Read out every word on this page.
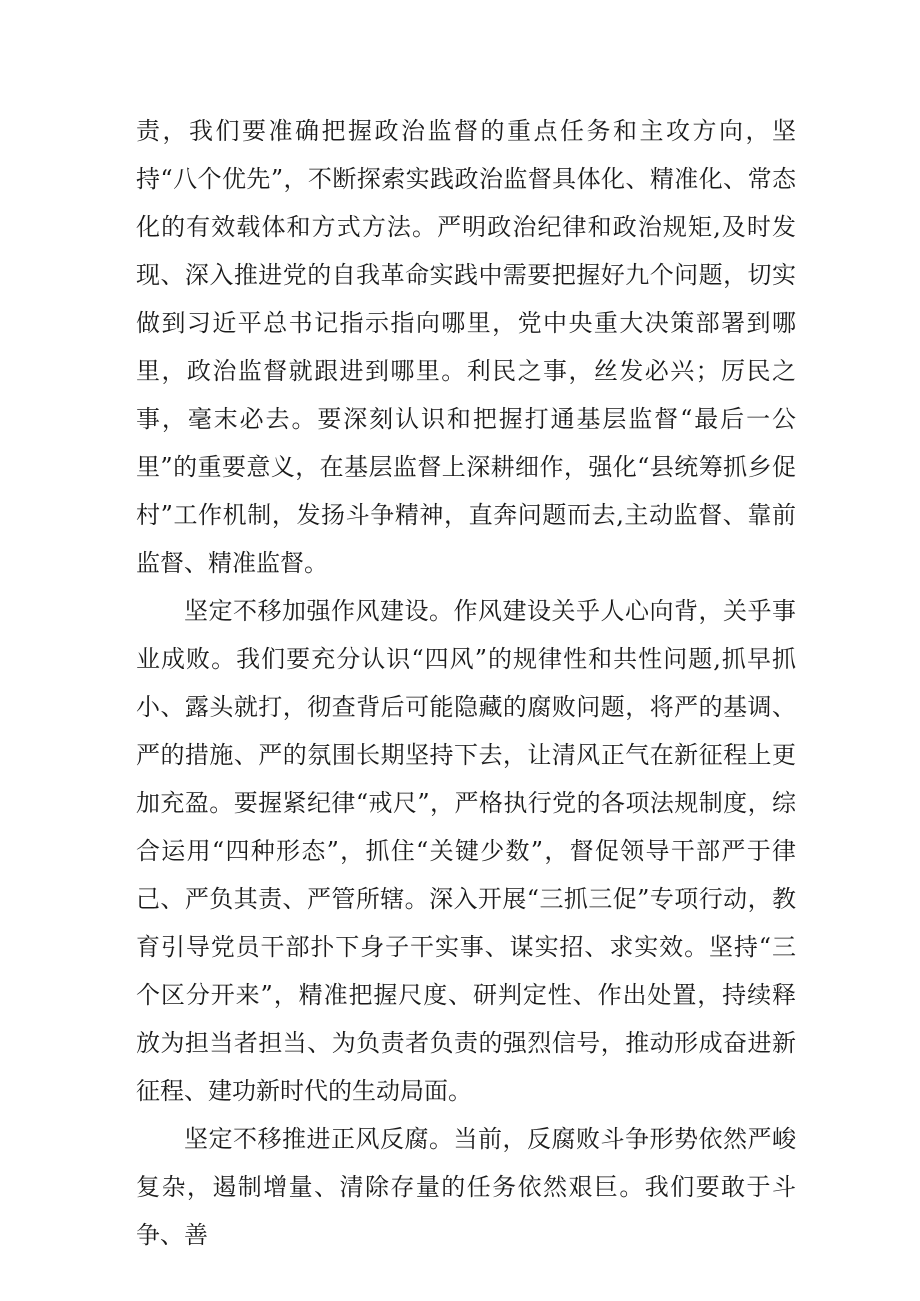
责，我们要准确把握政治监督的重点任务和主攻方向，坚持“八个优先”，不断探索实践政治监督具体化、精准化、常态化的有效载体和方式方法。严明政治纪律和政治规矩,及时发现、深入推进党的自我革命实践中需要把握好九个问题，切实做到习近平总书记指示指向哪里，党中央重大决策部署到哪里，政治监督就跟进到哪里。利民之事，丝发必兴；厉民之事，毫末必去。要深刻认识和把握打通基层监督“最后一公里”的重要意义，在基层监督上深耕细作，强化“县统筹抓乡促村”工作机制，发扬斗争精神，直奔问题而去,主动监督、靠前监督、精准监督。

坚定不移加强作风建设。作风建设关乎人心向背，关乎事业成败。我们要充分认识“四风”的规律性和共性问题,抓早抓小、露头就打，彻查背后可能隐藏的腐败问题，将严的基调、严的措施、严的氛围长期坚持下去，让清风正气在新征程上更加充盈。要握紧纪律“戒尺”，严格执行党的各项法规制度，综合运用“四种形态”，抓住“关键少数”，督促领导干部严于律己、严负其责、严管所辖。深入开展“三抓三促”专项行动，教育引导党员干部扑下身子干实事、谋实招、求实效。坚持“三个区分开来”，精准把握尺度、研判定性、作出处置，持续释放为担当者担当、为负责者负责的强烈信号，推动形成奋进新征程、建功新时代的生动局面。

坚定不移推进正风反腐。当前，反腐败斗争形势依然严峻复杂，遏制增量、清除存量的任务依然艰巨。我们要敢于斗争、善
